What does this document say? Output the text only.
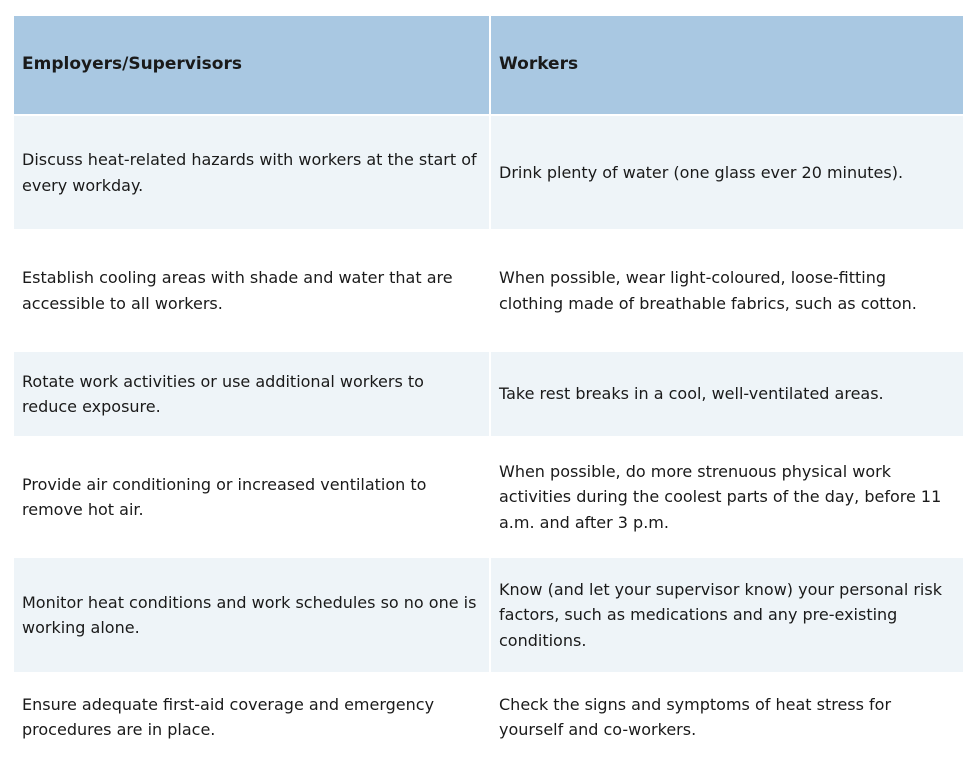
Employers/Supervisors	Workers
Discuss heat-related hazards with workers at the start of every workday.
Drink plenty of water (one glass ever 20 minutes).
Establish cooling areas with shade and water that are accessible to all workers.
When possible, wear light-coloured, loose-fitting clothing made of breathable fabrics, such as cotton.
Rotate work activities or use additional workers to reduce exposure.
Take rest breaks in a cool, well-ventilated areas.
Provide air conditioning or increased ventilation to remove hot air.
When possible, do more strenuous physical work activities during the coolest parts of the day, before 11 a.m. and after 3 p.m.
Monitor heat conditions and work schedules so no one is working alone.
Know (and let your supervisor know) your personal risk factors, such as medications and any pre-existing conditions.
Ensure adequate first-aid coverage and emergency procedures are in place.
Check the signs and symptoms of heat stress for yourself and co-workers.
